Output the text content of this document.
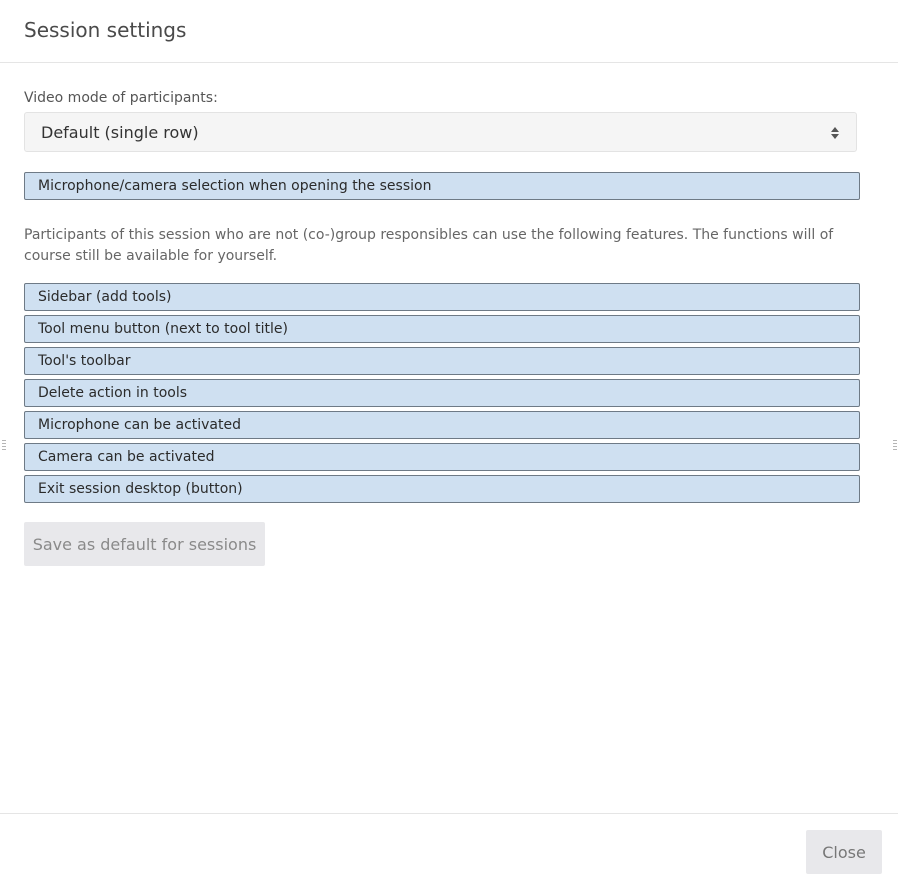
Session settings
Video mode of participants:
Default (single row)
Microphone/camera selection when opening the session
Participants of this session who are not (co-)group responsibles can use the following features. The functions will of course still be available for yourself.
Sidebar (add tools)
Tool menu button (next to tool title)
Tool's toolbar
Delete action in tools
Microphone can be activated
Camera can be activated
Exit session desktop (button)
Save as default for sessions
Close
